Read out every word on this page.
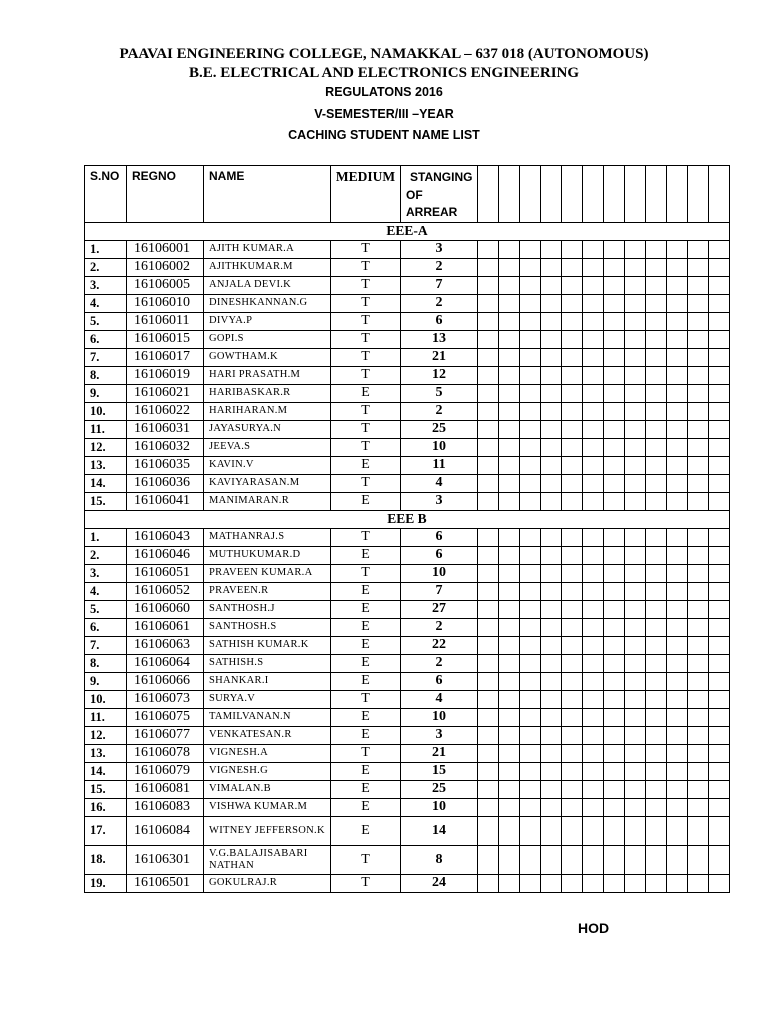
PAAVAI ENGINEERING COLLEGE, NAMAKKAL – 637 018 (AUTONOMOUS)
B.E. ELECTRICAL AND ELECTRONICS ENGINEERING
REGULATONS 2016
V-SEMESTER/III –YEAR
CACHING STUDENT NAME LIST
S.NO	REGNO	NAME	MEDIUM	STANGING
OF
ARREAR												
EEE-A																
1.	16106001	AJITH KUMAR.A	T	3												
2.	16106002	AJITHKUMAR.M	T	2												
3.	16106005	ANJALA DEVI.K	T	7												
4.	16106010	DINESHKANNAN.G	T	2												
5.	16106011	DIVYA.P	T	6												
6.	16106015	GOPI.S	T	13												
7.	16106017	GOWTHAM.K	T	21												
8.	16106019	HARI PRASATH.M	T	12												
9.	16106021	HARIBASKAR.R	E	5												
10.	16106022	HARIHARAN.M	T	2												
11.	16106031	JAYASURYA.N	T	25												
12.	16106032	JEEVA.S	T	10												
13.	16106035	KAVIN.V	E	11												
14.	16106036	KAVIYARASAN.M	T	4												
15.	16106041	MANIMARAN.R	E	3												
EEE B																
1.	16106043	MATHANRAJ.S	T	6												
2.	16106046	MUTHUKUMAR.D	E	6												
3.	16106051	PRAVEEN KUMAR.A	T	10												
4.	16106052	PRAVEEN.R	E	7												
5.	16106060	SANTHOSH.J	E	27												
6.	16106061	SANTHOSH.S	E	2												
7.	16106063	SATHISH KUMAR.K	E	22												
8.	16106064	SATHISH.S	E	2												
9.	16106066	SHANKAR.I	E	6												
10.	16106073	SURYA.V	T	4												
11.	16106075	TAMILVANAN.N	E	10												
12.	16106077	VENKATESAN.R	E	3												
13.	16106078	VIGNESH.A	T	21												
14.	16106079	VIGNESH.G	E	15												
15.	16106081	VIMALAN.B	E	25												
16.	16106083	VISHWA KUMAR.M	E	10												
17.	16106084	WITNEY JEFFERSON.K	E	14												
18.	16106301	V.G.BALAJISABARI NATHAN	T	8												
19.	16106501	GOKULRAJ.R	T	24												
HOD
